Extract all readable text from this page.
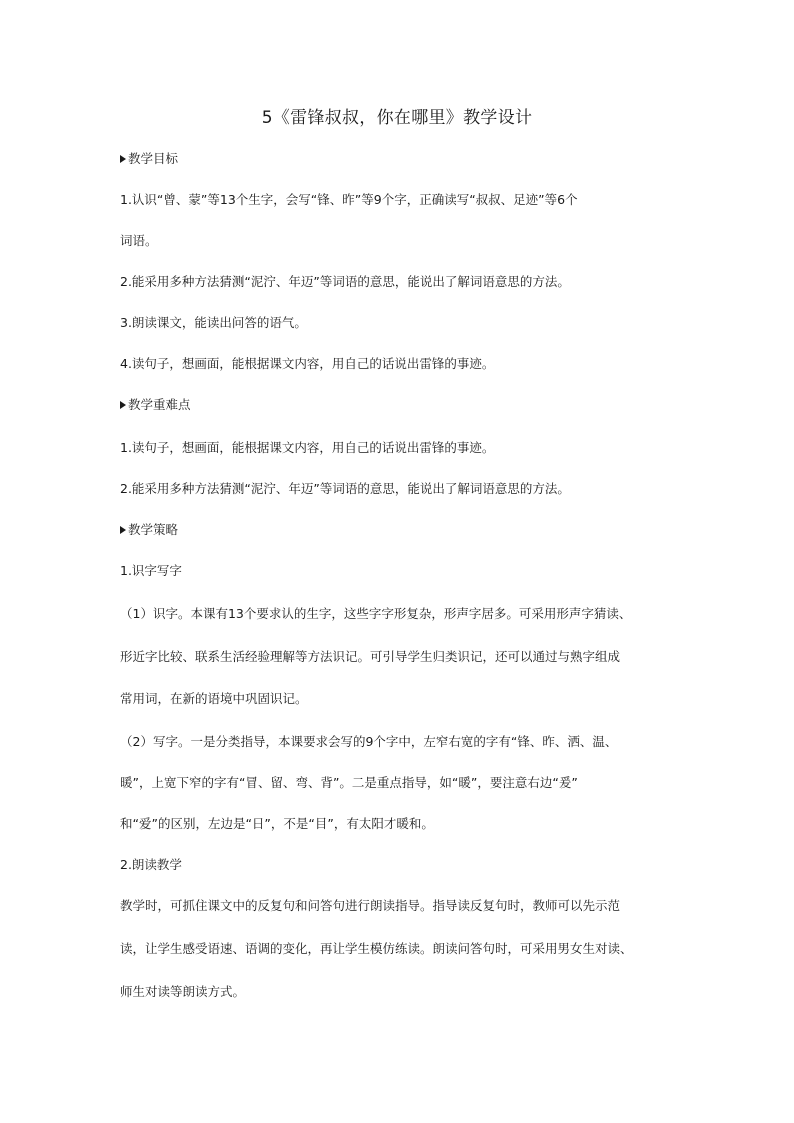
5《雷锋叔叔，你在哪里》教学设计
教学目标
1.认识“曾、蒙”等13个生字，会写“锋、昨”等9个字，正确读写“叔叔、足迹”等6个
词语。
2.能采用多种方法猜测“泥泞、年迈”等词语的意思，能说出了解词语意思的方法。
3.朗读课文，能读出问答的语气。
4.读句子，想画面，能根据课文内容，用自己的话说出雷锋的事迹。
教学重难点
1.读句子，想画面，能根据课文内容，用自己的话说出雷锋的事迹。
2.能采用多种方法猜测“泥泞、年迈”等词语的意思，能说出了解词语意思的方法。
教学策略
1.识字写字
（1）识字。本课有13个要求认的生字，这些字字形复杂，形声字居多。可采用形声字猜读、
形近字比较、联系生活经验理解等方法识记。可引导学生归类识记，还可以通过与熟字组成
常用词，在新的语境中巩固识记。
（2）写字。一是分类指导，本课要求会写的9个字中，左窄右宽的字有“锋、昨、洒、温、
暖”，上宽下窄的字有“冒、留、弯、背”。二是重点指导，如“暖”，要注意右边“爰”
和“爱”的区别，左边是“日”，不是“目”，有太阳才暖和。
2.朗读教学
教学时，可抓住课文中的反复句和问答句进行朗读指导。指导读反复句时，教师可以先示范
读，让学生感受语速、语调的变化，再让学生模仿练读。朗读问答句时，可采用男女生对读、
师生对读等朗读方式。
